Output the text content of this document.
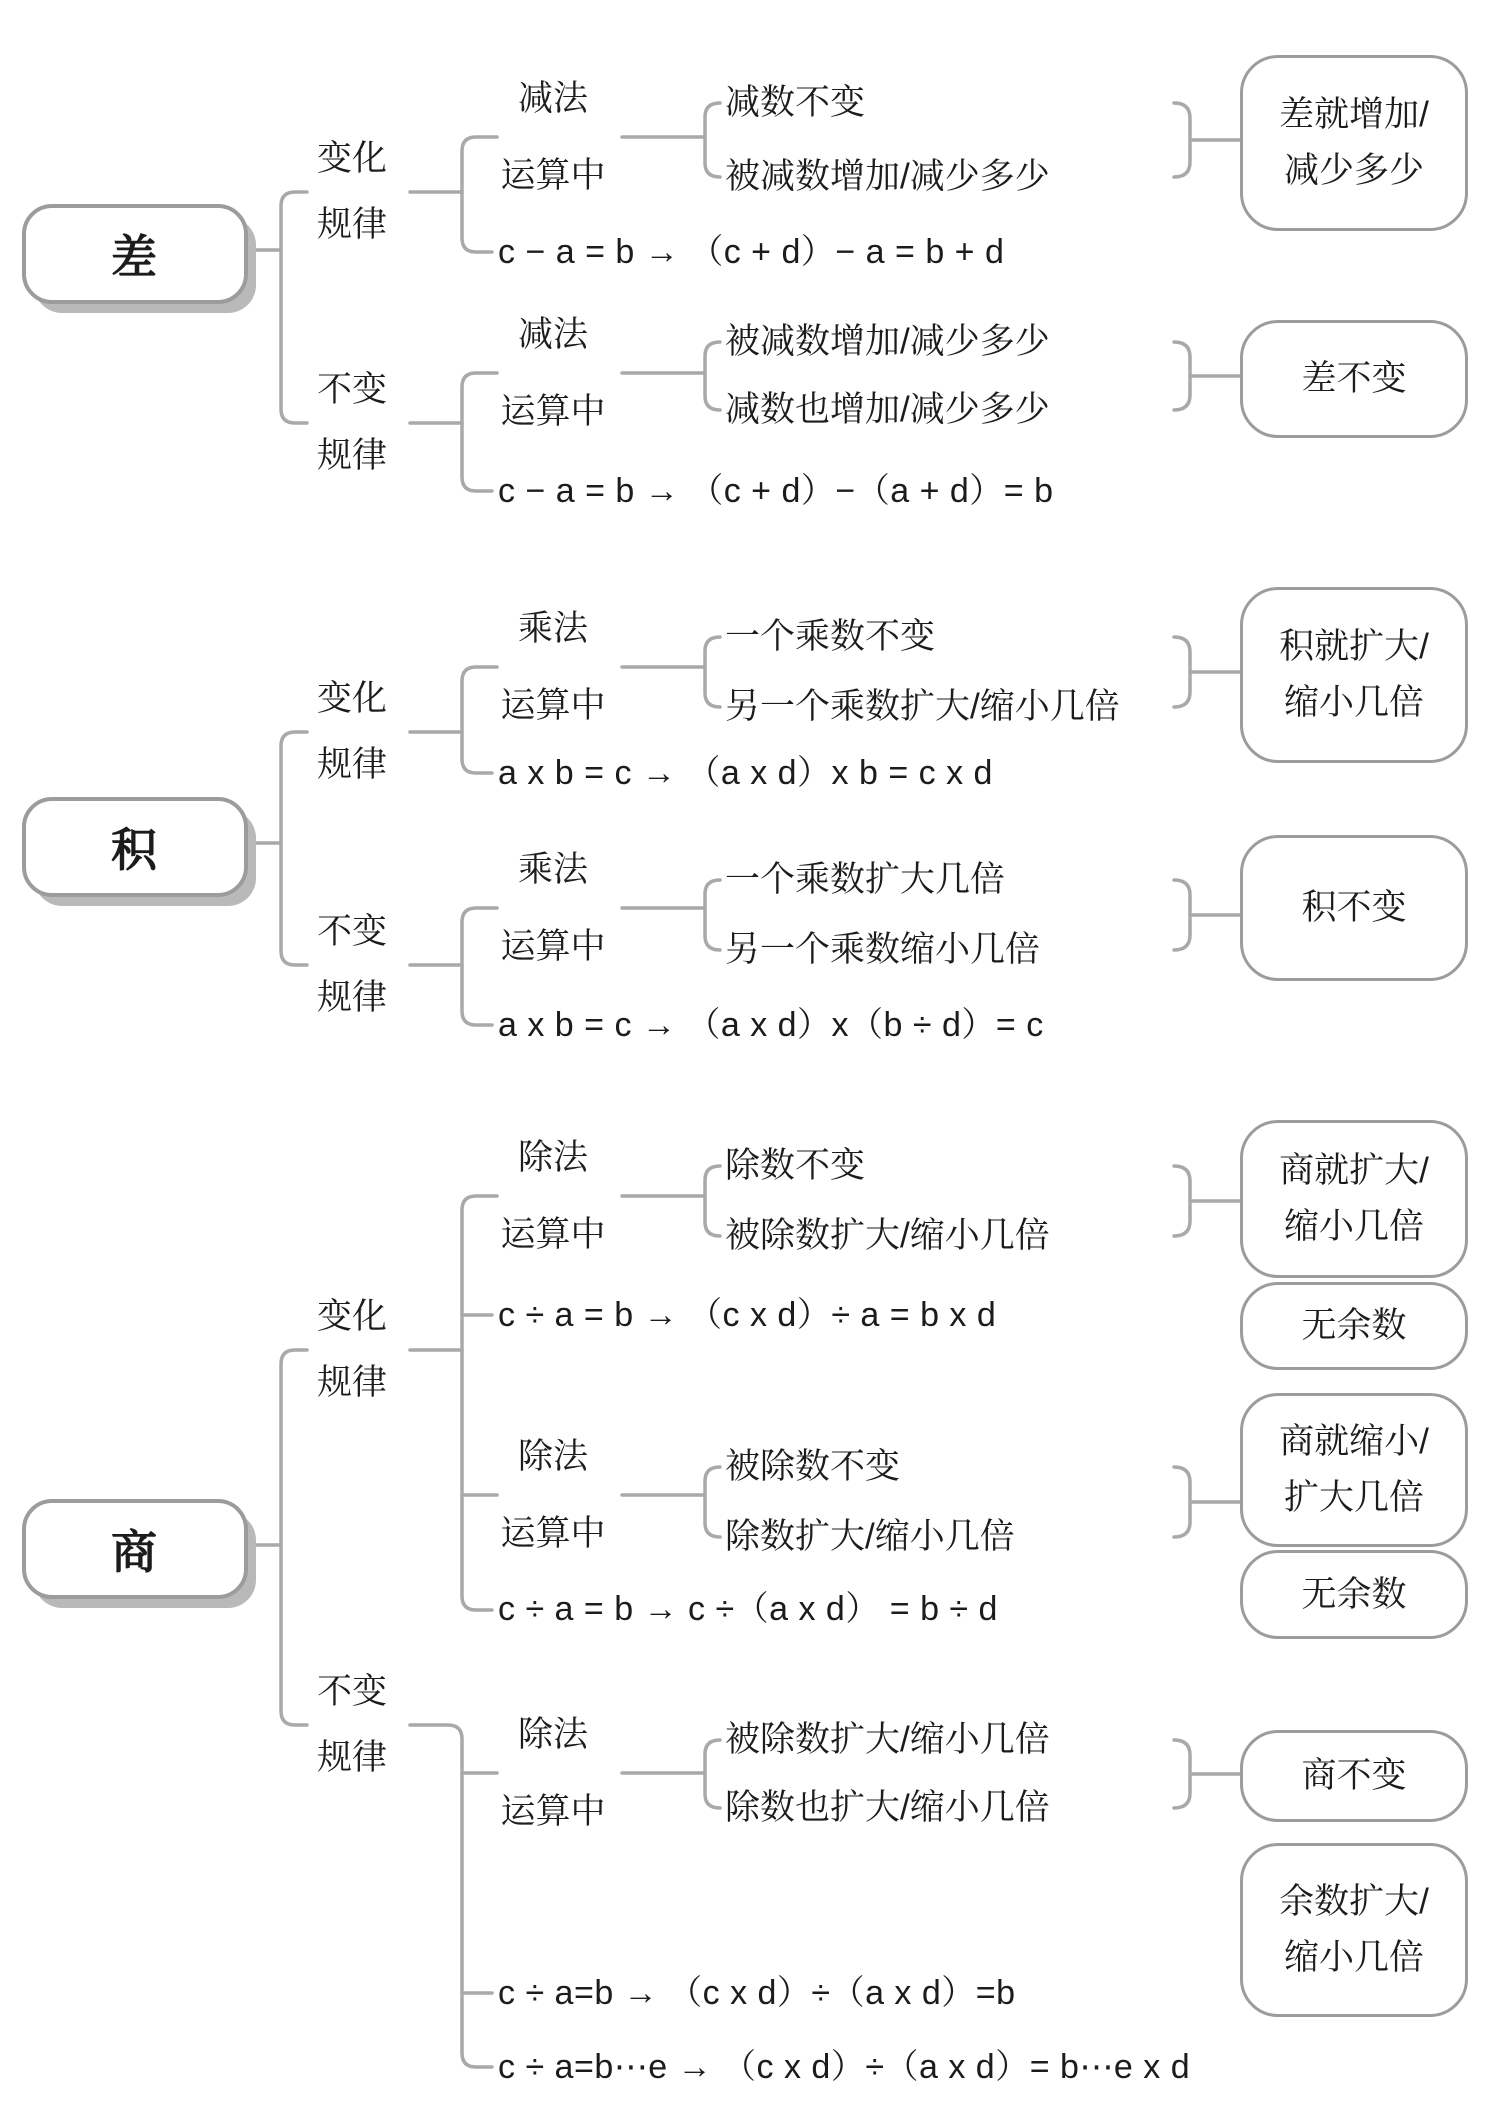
差
变化
规律
减法
运算中
减数不变
被减数增加/减少多少
差就增加/
减少多少
c − a = b → （c + d）− a = b + d
不变
规律
减法
运算中
被减数增加/减少多少
减数也增加/减少多少
差不变
c − a = b → （c + d）−（a + d）= b
积
变化
规律
乘法
运算中
一个乘数不变
另一个乘数扩大/缩小几倍
积就扩大/
缩小几倍
a x b = c → （a x d）x b = c x d
不变
规律
乘法
运算中
一个乘数扩大几倍
另一个乘数缩小几倍
积不变
a x b = c → （a x d）x（b ÷ d）= c
商
变化
规律
除法
运算中
除数不变
被除数扩大/缩小几倍
商就扩大/
缩小几倍
无余数
c ÷ a = b → （c x d）÷ a = b x d
除法
运算中
被除数不变
除数扩大/缩小几倍
商就缩小/
扩大几倍
无余数
c ÷ a = b → c ÷（a x d） = b ÷ d
不变
规律
除法
运算中
被除数扩大/缩小几倍
除数也扩大/缩小几倍
商不变
余数扩大/
缩小几倍
c ÷ a=b → （c x d）÷（a x d）=b
c ÷ a=b⋯e → （c x d）÷（a x d）= b⋯e x d
